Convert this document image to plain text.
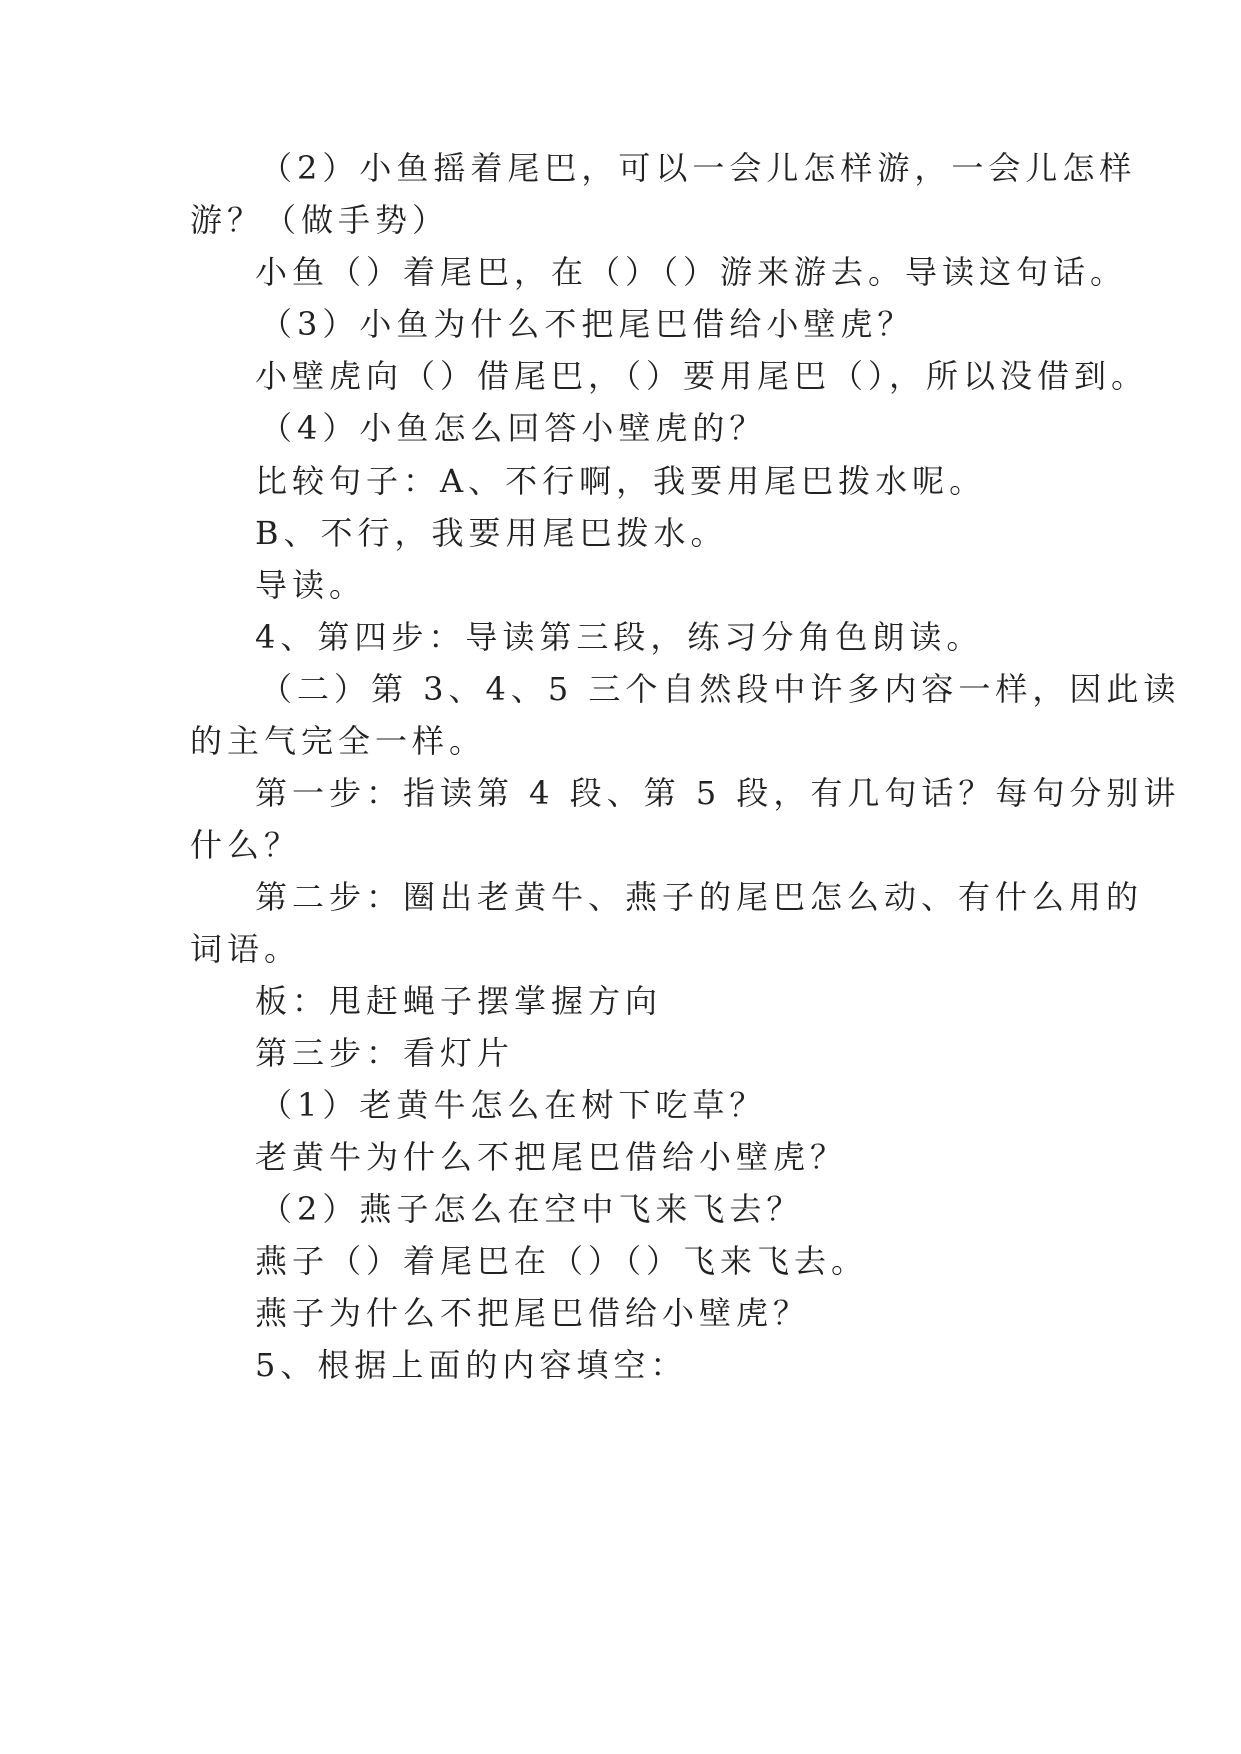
（2）小鱼摇着尾巴，可以一会儿怎样游，一会儿怎样
游？（做手势）
小鱼（）着尾巴，在（）（）游来游去。导读这句话。
（3）小鱼为什么不把尾巴借给小壁虎？
小壁虎向（）借尾巴，（）要用尾巴（），所以没借到。
（4）小鱼怎么回答小壁虎的？
比较句子：A、不行啊，我要用尾巴拨水呢。
B、不行，我要用尾巴拨水。
导读。
4、第四步：导读第三段，练习分角色朗读。
（二）第 3、4、5 三个自然段中许多内容一样，因此读
的主气完全一样。
第一步：指读第 4 段、第 5 段，有几句话？每句分别讲
什么？
第二步：圈出老黄牛、燕子的尾巴怎么动、有什么用的
词语。
板：甩赶蝇子摆掌握方向
第三步：看灯片
（1）老黄牛怎么在树下吃草？
老黄牛为什么不把尾巴借给小壁虎？
（2）燕子怎么在空中飞来飞去？
燕子（）着尾巴在（）（）飞来飞去。
燕子为什么不把尾巴借给小壁虎？
5、根据上面的内容填空：
